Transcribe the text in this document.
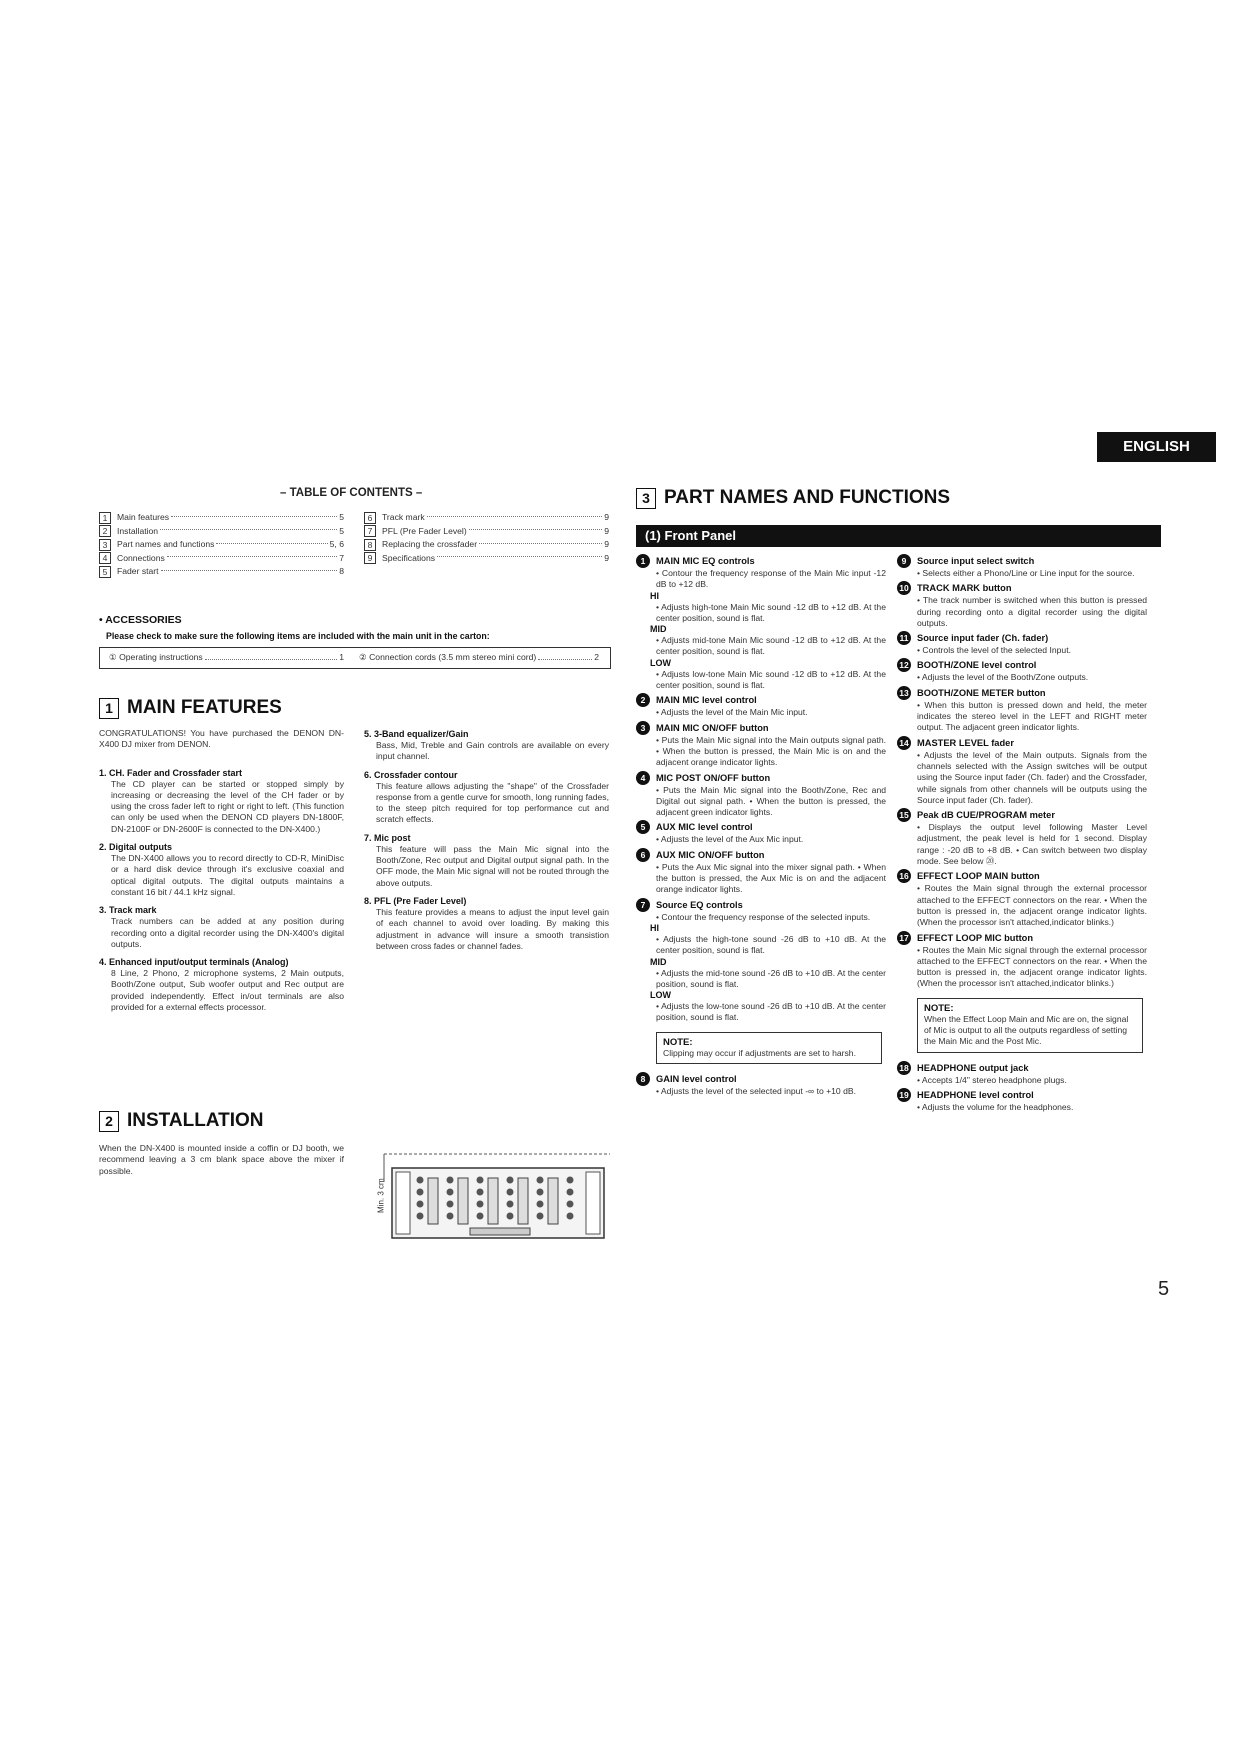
ENGLISH
– TABLE OF CONTENTS –
1	Main features	5
2	Installation	5
3	Part names and functions	5, 6
4	Connections	7
5	Fader start	8
6	Track mark	9
7	PFL (Pre Fader Level)	9
8	Replacing the crossfader	9
9	Specifications	9
• ACCESSORIES
Please check to make sure the following items are included with the main unit in the carton:
① Operating instructions	1 ② Connection cords (3.5 mm stereo mini cord)	2
1 MAIN FEATURES
CONGRATULATIONS! You have purchased the DENON DN-X400 DJ mixer from DENON.
1. CH. Fader and Crossfader start
The CD player can be started or stopped simply by increasing or decreasing the level of the CH fader or by using the cross fader left to right or right to left. (This function can only be used when the DENON CD players DN-1800F, DN-2100F or DN-2600F is connected to the DN-X400.)
2. Digital outputs
The DN-X400 allows you to record directly to CD-R, MiniDisc or a hard disk device through it's exclusive coaxial and optical digital outputs. The digital outputs maintains a constant 16 bit / 44.1 kHz signal.
3. Track mark
Track numbers can be added at any position during recording onto a digital recorder using the DN-X400's digital outputs.
4. Enhanced input/output terminals (Analog)
8 Line, 2 Phono, 2 microphone systems, 2 Main outputs, Booth/Zone output, Sub woofer output and Rec output are provided independently. Effect in/out terminals are also provided for a external effects processor.
5. 3-Band equalizer/Gain
Bass, Mid, Treble and Gain controls are available on every input channel.
6. Crossfader contour
This feature allows adjusting the "shape" of the Crossfader response from a gentle curve for smooth, long running fades, to the steep pitch required for top performance cut and scratch effects.
7. Mic post
This feature will pass the Main Mic signal into the Booth/Zone, Rec output and Digital output signal path. In the OFF mode, the Main Mic signal will not be routed through the above outputs.
8. PFL (Pre Fader Level)
This feature provides a means to adjust the input level gain of each channel to avoid over loading. By making this adjustment in advance will insure a smooth transistion between cross fades or channel fades.
2 INSTALLATION
When the DN-X400 is mounted inside a coffin or DJ booth, we recommend leaving a 3 cm blank space above the mixer if possible.
Min. 3 cm
3 PART NAMES AND FUNCTIONS
(1) Front Panel
1	MAIN MIC EQ controls
• Contour the frequency response of the Main Mic input -12 dB to +12 dB.
HI
• Adjusts high-tone Main Mic sound -12 dB to +12 dB. At the center position, sound is flat.
MID
• Adjusts mid-tone Main Mic sound -12 dB to +12 dB. At the center position, sound is flat.
LOW
• Adjusts low-tone Main Mic sound -12 dB to +12 dB. At the center position, sound is flat.
2	MAIN MIC level control
• Adjusts the level of the Main Mic input.
3	MAIN MIC ON/OFF button
• Puts the Main Mic signal into the Main outputs signal path. • When the button is pressed, the Main Mic is on and the adjacent orange indicator lights.
4	MIC POST ON/OFF button
• Puts the Main Mic signal into the Booth/Zone, Rec and Digital out signal path. • When the button is pressed, the adjacent green indicator lights.
5	AUX MIC level control
• Adjusts the level of the Aux Mic input.
6	AUX MIC ON/OFF button
• Puts the Aux Mic signal into the mixer signal path. • When the button is pressed, the Aux Mic is on and the adjacent orange indicator lights.
7	Source EQ controls
• Contour the frequency response of the selected inputs.
HI
• Adjusts the high-tone sound -26 dB to +10 dB. At the center position, sound is flat.
MID
• Adjusts the mid-tone sound -26 dB to +10 dB. At the center position, sound is flat.
LOW
• Adjusts the low-tone sound -26 dB to +10 dB. At the center position, sound is flat.
NOTE:
Clipping may occur if adjustments are set to harsh.
8	GAIN level control
• Adjusts the level of the selected input -∞ to +10 dB.
9	Source input select switch
• Selects either a Phono/Line or Line input for the source.
10 TRACK MARK button
• The track number is switched when this button is pressed during recording onto a digital recorder using the digital outputs.
11 Source input fader (Ch. fader)
• Controls the level of the selected Input.
12 BOOTH/ZONE level control
• Adjusts the level of the Booth/Zone outputs.
13 BOOTH/ZONE METER button
• When this button is pressed down and held, the meter indicates the stereo level in the LEFT and RIGHT meter output. The adjacent green indicator lights.
14 MASTER LEVEL fader
• Adjusts the level of the Main outputs. Signals from the channels selected with the Assign switches will be output using the Source input fader (Ch. fader) and the Crossfader, while signals from other channels will be outputs using the Source input fader (Ch. fader).
15 Peak dB CUE/PROGRAM meter
• Displays the output level following Master Level adjustment, the peak level is held for 1 second. Display range : -20 dB to +8 dB. • Can switch between two display mode. See below ⑳.
16 EFFECT LOOP MAIN button
• Routes the Main signal through the external processor attached to the EFFECT connectors on the rear. • When the button is pressed in, the adjacent orange indicator lights. (When the processor isn't attached,indicator blinks.)
17 EFFECT LOOP MIC button
• Routes the Main Mic signal through the external processor attached to the EFFECT connectors on the rear. • When the button is pressed in, the adjacent orange indicator lights. (When the processor isn't attached,indicator blinks.)
NOTE:
When the Effect Loop Main and Mic are on, the signal of Mic is output to all the outputs regardless of setting the Main Mic and the Post Mic.
18 HEADPHONE output jack
• Accepts 1/4" stereo headphone plugs.
19 HEADPHONE level control
• Adjusts the volume for the headphones.
5
